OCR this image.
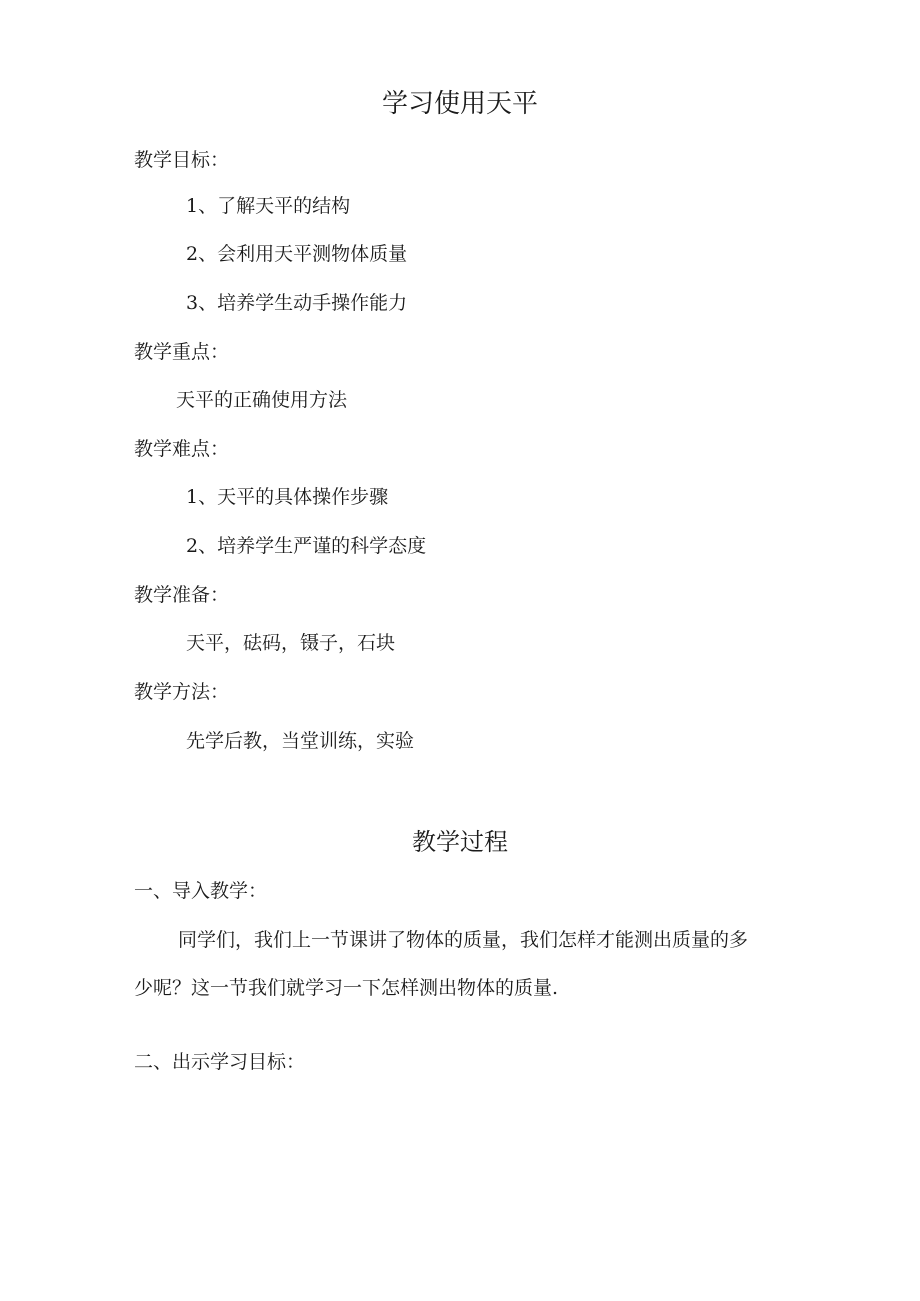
学习使用天平
教学目标：
1、了解天平的结构
2、会利用天平测物体质量
3、培养学生动手操作能力
教学重点：
天平的正确使用方法
教学难点：
1、天平的具体操作步骤
2、培养学生严谨的科学态度
教学准备：
天平，砝码，镊子，石块
教学方法：
先学后教，当堂训练，实验
教学过程
一、导入教学：
同学们，我们上一节课讲了物体的质量，我们怎样才能测出质量的多
少呢？这一节我们就学习一下怎样测出物体的质量.
二、出示学习目标：
